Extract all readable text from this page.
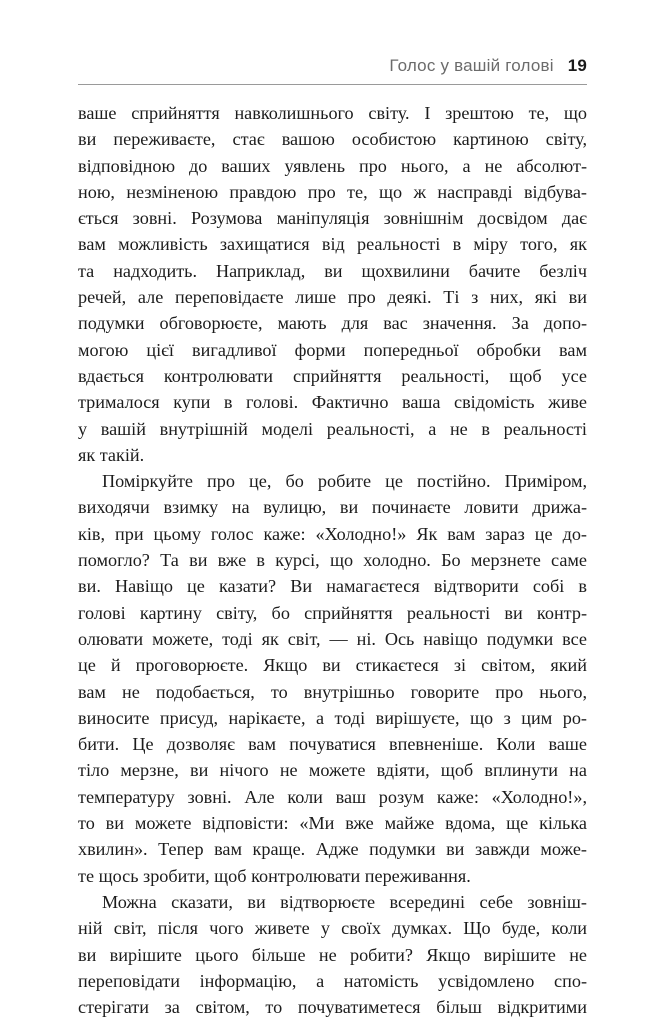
Голос у вашій голові 19
ваше сприйняття навколишнього світу. І зрештою те, що
ви переживаєте, стає вашою особистою картиною світу,
відповідною до ваших уявлень про нього, а не абсолют-
ною, незміненою правдою про те, що ж насправді відбува-
ється зовні. Розумова маніпуляція зовнішнім досвідом дає
вам можливість захищатися від реальності в міру того, як
та надходить. Наприклад, ви щохвилини бачите безліч
речей, але переповідаєте лише про деякі. Ті з них, які ви
подумки обговорюєте, мають для вас значення. За допо-
могою цієї вигадливої форми попередньої обробки вам
вдається контролювати сприйняття реальності, щоб усе
трималося купи в голові. Фактично ваша свідомість живе
у вашій внутрішній моделі реальності, а не в реальності
як такій.
Поміркуйте про це, бо робите це постійно. Приміром,
виходячи взимку на вулицю, ви починаєте ловити дрижа-
ків, при цьому голос каже: «Холодно!» Як вам зараз це до-
помогло? Та ви вже в курсі, що холодно. Бо мерзнете саме
ви. Навіщо це казати? Ви намагаєтеся відтворити собі в
голові картину світу, бо сприйняття реальності ви контр-
олювати можете, тоді як світ, — ні. Ось навіщо подумки все
це й проговорюєте. Якщо ви стикаєтеся зі світом, який
вам не подобається, то внутрішньо говорите про нього,
виносите присуд, нарікаєте, а тоді вирішуєте, що з цим ро-
бити. Це дозволяє вам почуватися впевненіше. Коли ваше
тіло мерзне, ви нічого не можете вдіяти, щоб вплинути на
температуру зовні. Але коли ваш розум каже: «Холодно!»,
то ви можете відповісти: «Ми вже майже вдома, ще кілька
хвилин». Тепер вам краще. Адже подумки ви завжди може-
те щось зробити, щоб контролювати переживання.
Можна сказати, ви відтворюєте всередині себе зовніш-
ній світ, після чого живете у своїх думках. Що буде, коли
ви вирішите цього більше не робити? Якщо вирішите не
переповідати інформацію, а натомість усвідомлено спо-
стерігати за світом, то почуватиметеся більш відкритими
